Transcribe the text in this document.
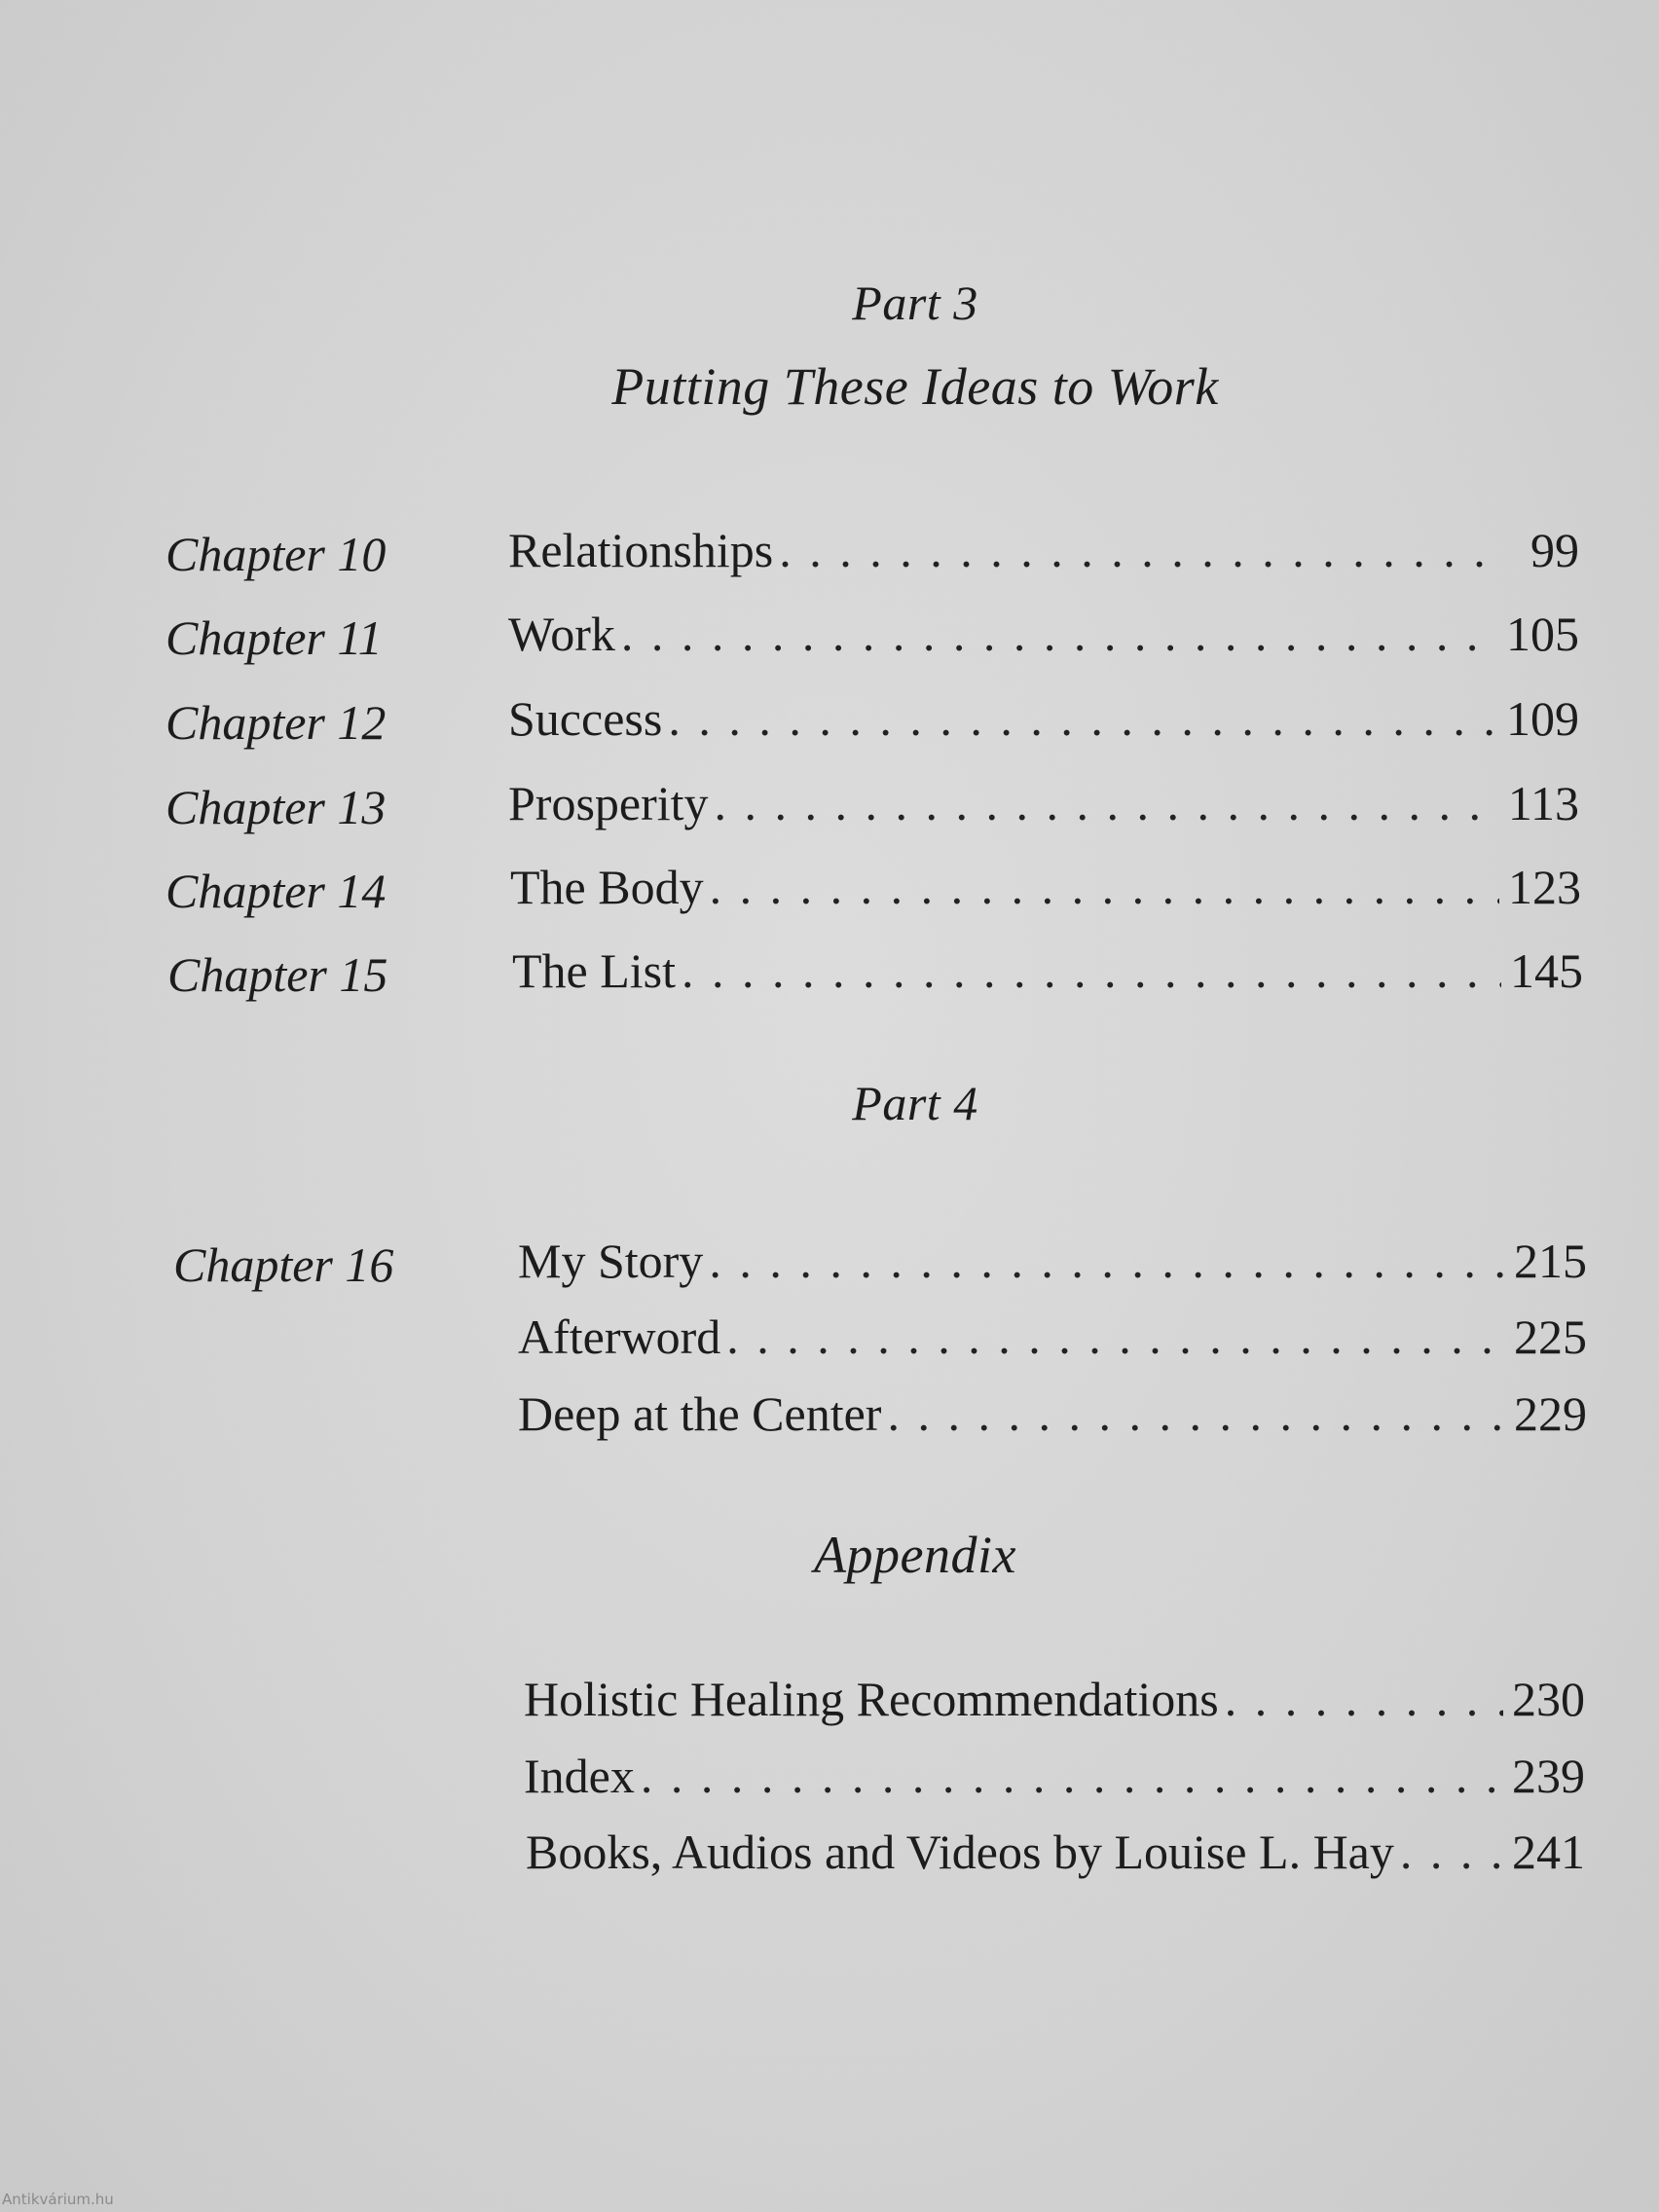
Part 3
Putting These Ideas to Work
Chapter 10	Relationships . . .	99
Chapter 11	Work . . .	105
Chapter 12	Success . . .	109
Chapter 13	Prosperity . . .	113
Chapter 14	The Body . . .	123
Chapter 15	The List . . .	145
Part 4
Chapter 16	My Story . . .	215
Afterword . . .	225
Deep at the Center . . .	229
Appendix
Holistic Healing Recommendations . . .	230
Index . . .	239
Books, Audios and Videos by Louise L. Hay . . . 241
Antikvárium.hu
